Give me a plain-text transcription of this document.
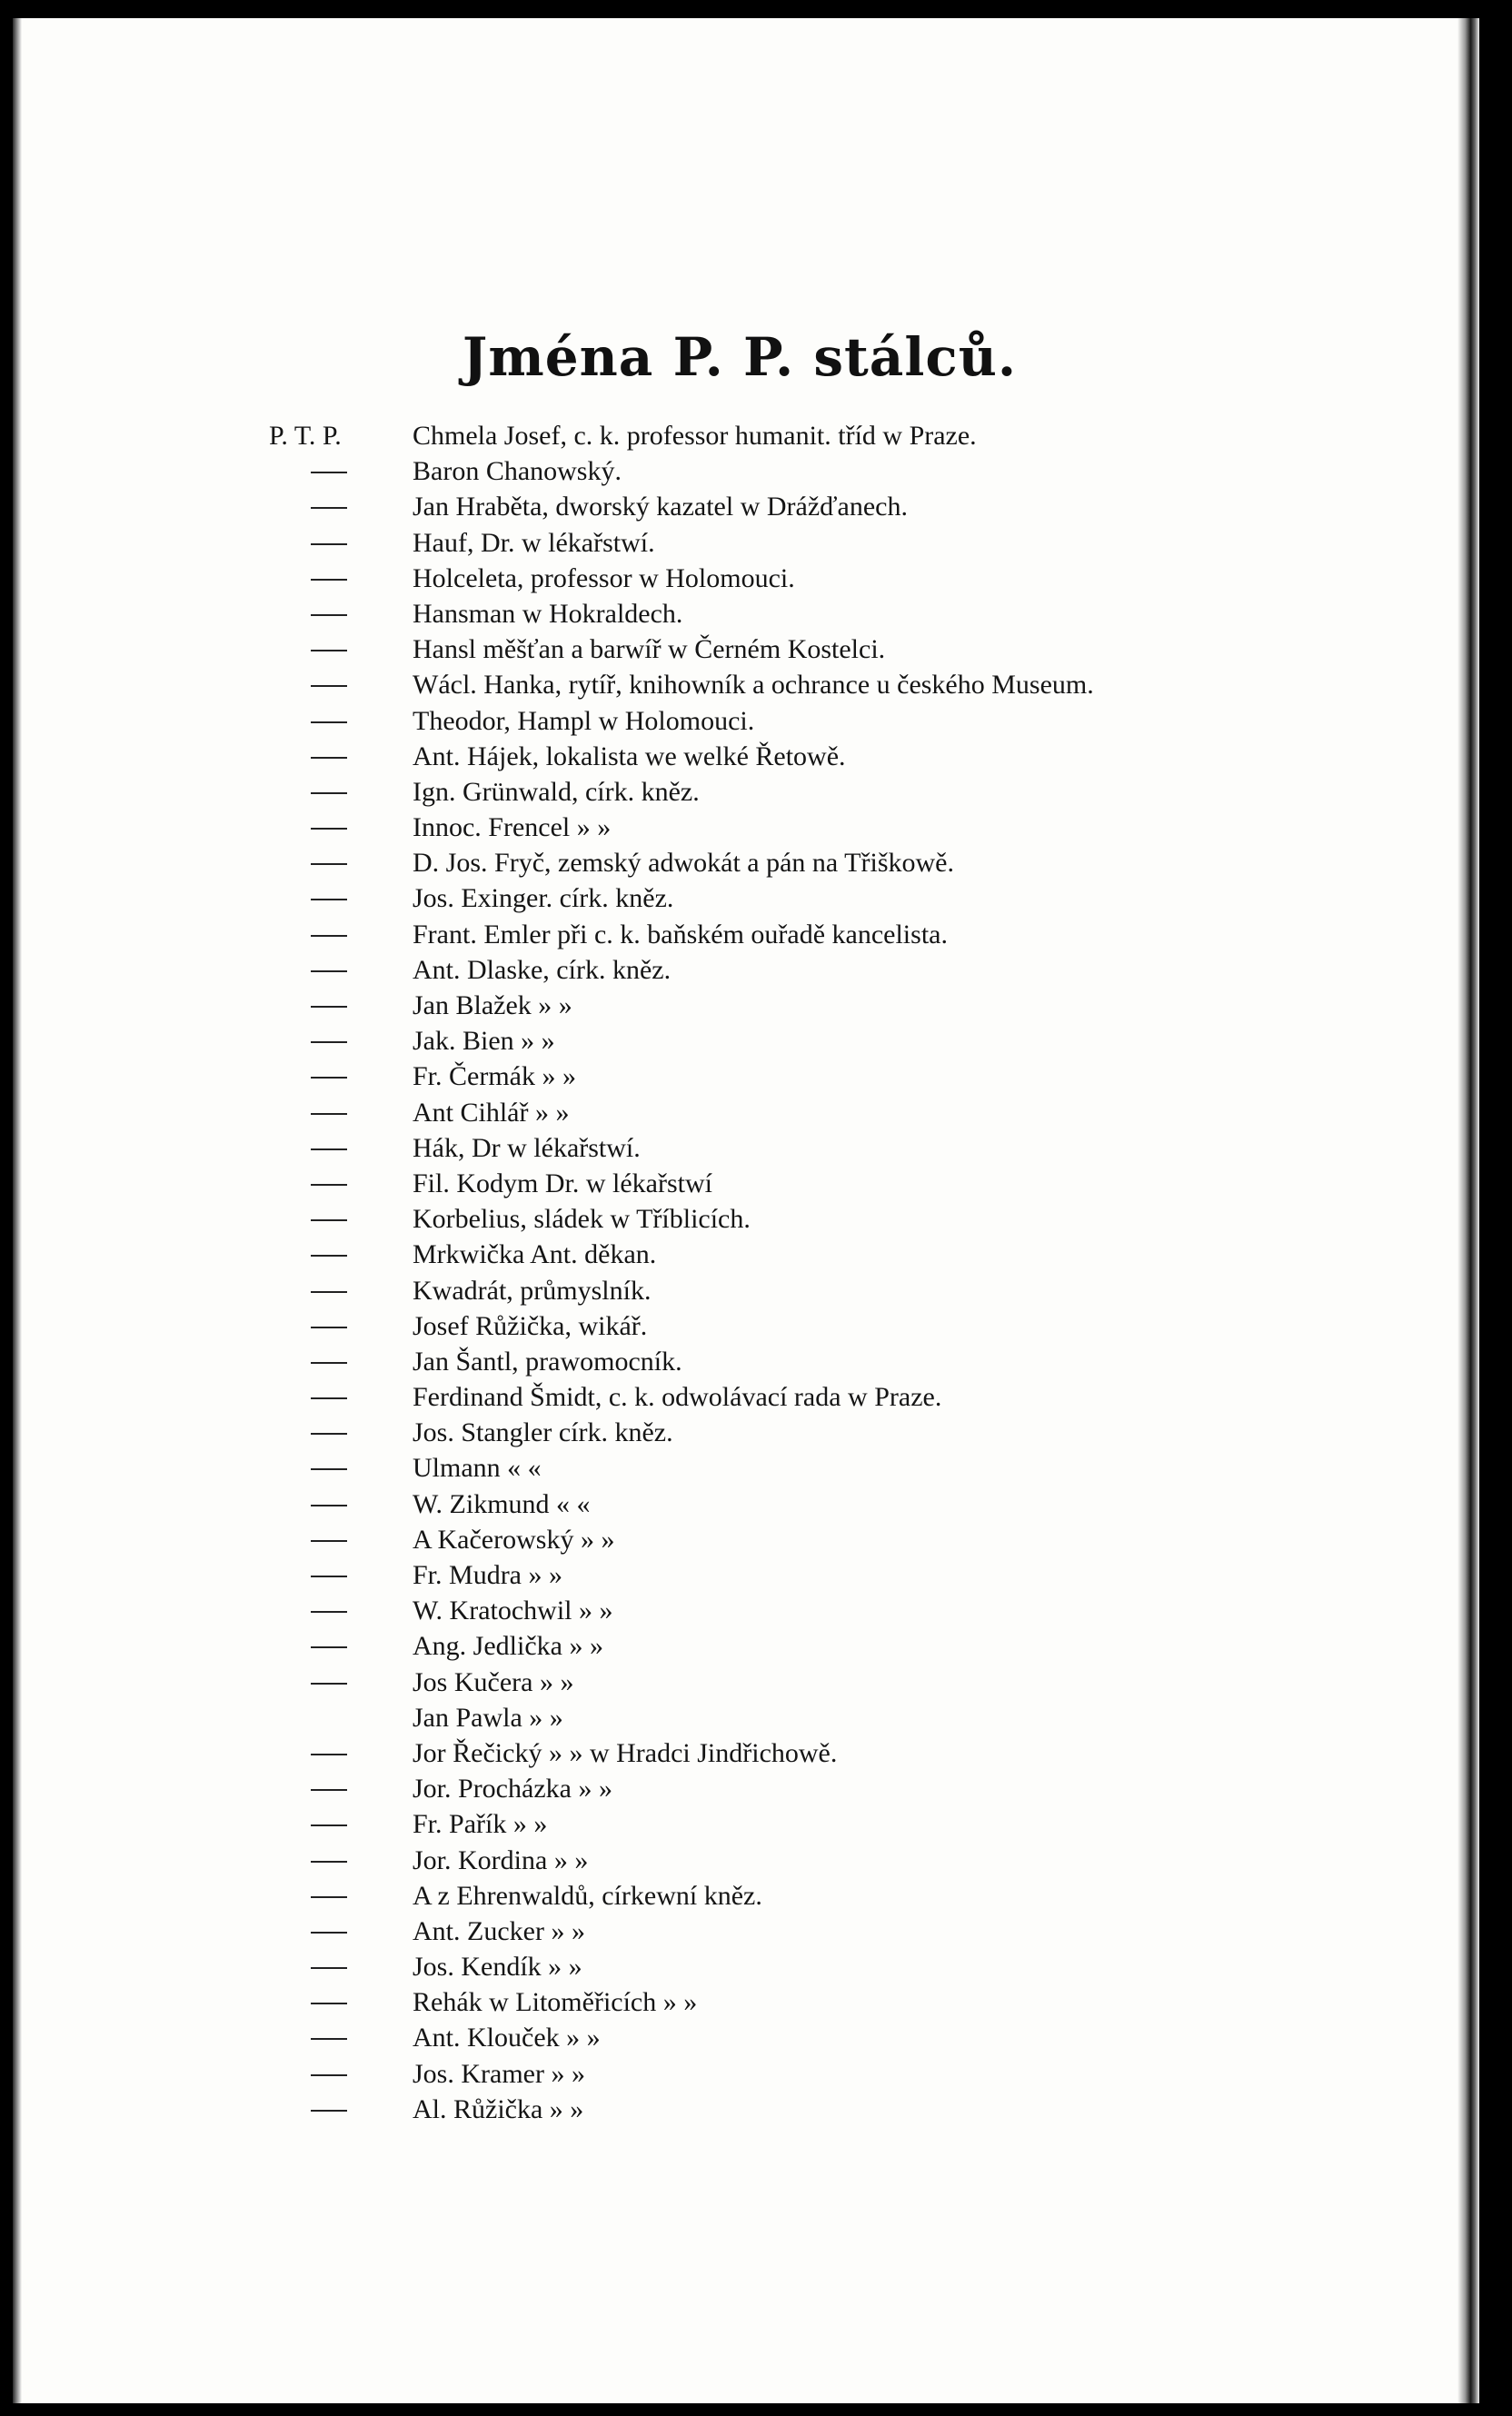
Jména P. P. stálců.
P. T. P.	Chmela Josef, c. k. professor humanit. tříd w Praze.
Baron Chanowský.
Jan Hraběta, dworský kazatel w Drážďanech.
Hauf, Dr. w lékařstwí.
Holceleta, professor w Holomouci.
Hansman w Hokraldech.
Hansl měšťan a barwíř w Černém Kostelci.
Wácl. Hanka, rytíř, knihowník a ochrance u českého Museum.
Theodor, Hampl w Holomouci.
Ant. Hájek, lokalista we welké Řetowě.
Ign. Grünwald, círk. kněz.
Innoc. Frencel » »
D. Jos. Fryč, zemský adwokát a pán na Třiškowě.
Jos. Exinger. círk. kněz.
Frant. Emler při c. k. baňském ouřadě kancelista.
Ant. Dlaske, círk. kněz.
Jan Blažek » »
Jak. Bien » »
Fr. Čermák » »
Ant Cihlář » »
Hák, Dr w lékařstwí.
Fil. Kodym Dr. w lékařstwí
Korbelius, sládek w Tříblicích.
Mrkwička Ant. děkan.
Kwadrát, průmyslník.
Josef Růžička, wikář.
Jan Šantl, prawomocník.
Ferdinand Šmidt, c. k. odwolávací rada w Praze.
Jos. Stangler círk. kněz.
Ulmann « «
W. Zikmund « «
A Kačerowský » »
Fr. Mudra » »
W. Kratochwil » »
Ang. Jedlička » »
Jos Kučera » »
Jan Pawla » »
Jor Řečický » » w Hradci Jindřichowě.
Jor. Procházka » »
Fr. Pařík » »
Jor. Kordina » »
A z Ehrenwaldů, církewní kněz.
Ant. Zucker » »
Jos. Kendík » »
Rehák w Litoměřicích » »
Ant. Klouček » »
Jos. Kramer » »
Al. Růžička » »
